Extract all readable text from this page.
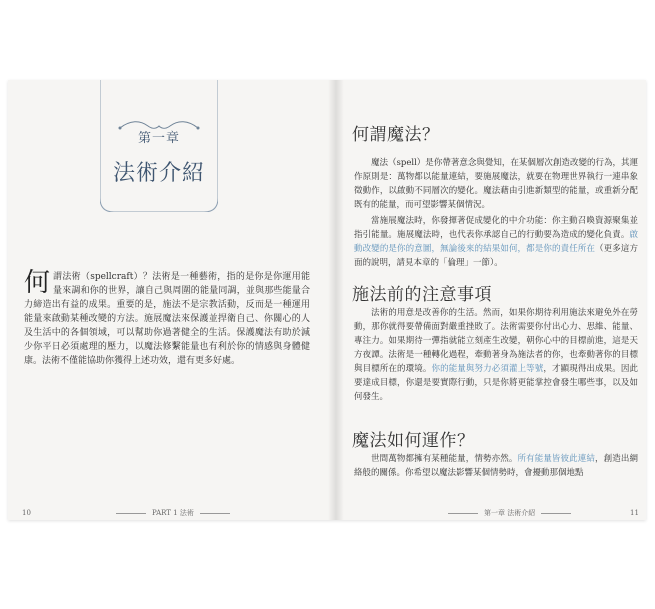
第一章
法術介紹
何謂法術（spellcraft）？法術是一種藝術，指的是你是你運用能量來調和你的世界，讓自己與周圍的能量同調，並與那些能量合力締造出有益的成果。重要的是，施法不是宗教活動，反而是一種運用能量來啟動某種改變的方法。施展魔法來保護並捍衛自己、你關心的人及生活中的各個領域，可以幫助你過著健全的生活。保護魔法有助於減少你平日必須處理的壓力，以魔法修繫能量也有利於你的情感與身體健康。法術不僅能協助你獲得上述功效，還有更多好處。
10	PART 1 法術
何謂魔法？
魔法（spell）是你帶著意念與覺知，在某個層次創造改變的行為，其運作原則是：萬物都以能量連結，要施展魔法，就要在物理世界執行一連串象徵動作，以啟動不同層次的變化。魔法藉由引進新類型的能量，或重新分配既有的能量，而可望影響某個情況。
當施展魔法時，你發揮著促成變化的中介功能：你主動召喚資源聚集並指引能量。施展魔法時，也代表你承認自己的行動要為造成的變化負責。啟動改變的是你的意圖，無論後來的結果如何，都是你的責任所在（更多這方面的說明，請見本章的「倫理」一節）。
施法前的注意事項
法術的用意是改善你的生活。然而，如果你期待利用施法來避免外在勞動，那你就得要帶備面對嚴重挫敗了。法術需要你付出心力、思維、能量、專注力。如果期待一彈指就能立刻產生改變，朝你心中的目標前進，這是天方夜譚。法術是一種轉化過程，牽動著身為施法者的你，也牽動著你的目標與目標所在的環境。你的能量與努力必須灌上等號，才顯現得出成果。因此要達成目標，你還是要實際行動，只是你將更能掌控會發生哪些事，以及如何發生。
魔法如何運作？
世間萬物都擁有某種能量，情勢亦然。所有能量皆彼此連結，創造出網絡般的關係。你希望以魔法影響某個情勢時，會擾動那個地點
第一章 法術介紹	11
